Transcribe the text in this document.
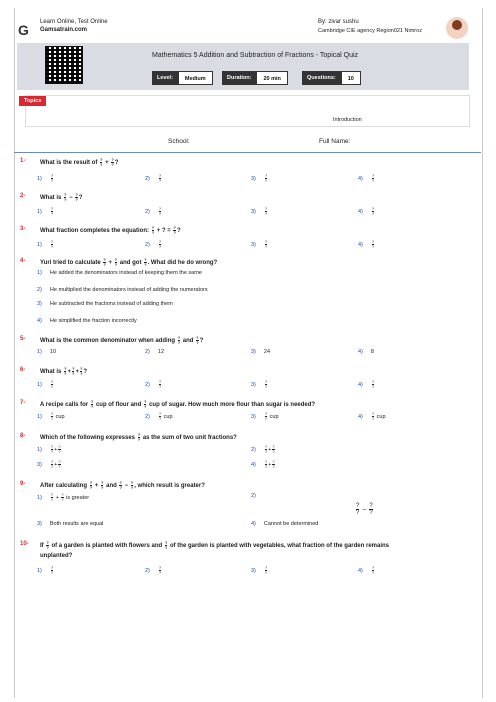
G	Learn Online, Test Online
Gamsatrain.com
By: zivar sushu
Cambridge CIE agency Region021 Nimroz
Mathematics 5 Addition and Subtraction of Fractions - Topical Quiz
Level:	Medium	Duration:	20 min	Questions:	10
Topics
Introduction
School:	Full Name:
1- What is the result of $\frac{?}{?} + \frac{?}{?}$ ?
$1) \frac{?}{?}$	$2) \frac{?}{?}$	$3) \frac{?}{?}$	$4) \frac{?}{?}$
2- What is $\frac{?}{?} - \frac{?}{?}$ ?
$1) \frac{?}{?}$	$2) \frac{?}{?}$	$3) \frac{?}{?}$	$4) \frac{?}{?}$
3- What fraction completes the equation: $\frac{?}{?}$ + ? = $\frac{?}{?}$ ?
$1) \frac{?}{?}$	$2) \frac{?}{?}$	$3) \frac{?}{?}$	$4) \frac{?}{?}$
4- Yuri tried to calculate $\frac{?}{?} + \frac{?}{?}$ and got $\frac{?}{?}$ . What did he do wrong?
1) He added the denominators instead of keeping them the same
2) He multiplied the denominators instead of adding the numerators
3) He subtracted the fractions instead of adding them
4) He simplified the fraction incorrectly
5- What is the common denominator when adding $\frac{?}{?}$ and $\frac{?}{?}$ ?
1) 10	2) 12	3) 24	4) 8
6- What is $\frac{?}{?} + \frac{?}{?} + \frac{?}{?}$ ?
$1) \frac{?}{?}$	$2) \frac{?}{?}$	$3) \frac{?}{?}$	$4) \frac{?}{?}$
7- A recipe calls for $\frac{?}{?}$ cup of flour and $\frac{?}{?}$ cup of sugar. How much more flour than sugar is needed?
$1) \frac{?}{?}$ cup	$2) \frac{?}{?}$ cup	$3) \frac{?}{?}$ cup	$4) \frac{?}{?}$ cup
8- Which of the following expresses $\frac{?}{?}$ as the sum of two unit fractions?
$1) \frac{?}{?} + \frac{?}{?}$	$2) \frac{?}{?} + \frac{?}{?}$
$3) \frac{?}{?} + \frac{?}{?}$	$4) \frac{?}{?} + \frac{?}{?}$
9- After calculating $\frac{?}{?} + \frac{?}{?}$ and $\frac{?}{?} - \frac{?}{?}$ , which result is greater?
$1) \frac{?}{?} + \frac{?}{?}$ is greater	2)
$\frac{?}{?} - \frac{?}{?}$
3) Both results are equal	4) Cannot be determined
10- If $\frac{?}{?}$ of a garden is planted with flowers and $\frac{?}{?}$ of the garden is planted with vegetables, what fraction of the garden remains
unplanted?
$1) \frac{?}{?}$	$2) \frac{?}{?}$	$3) \frac{?}{?}$	$4) \frac{?}{?}$
